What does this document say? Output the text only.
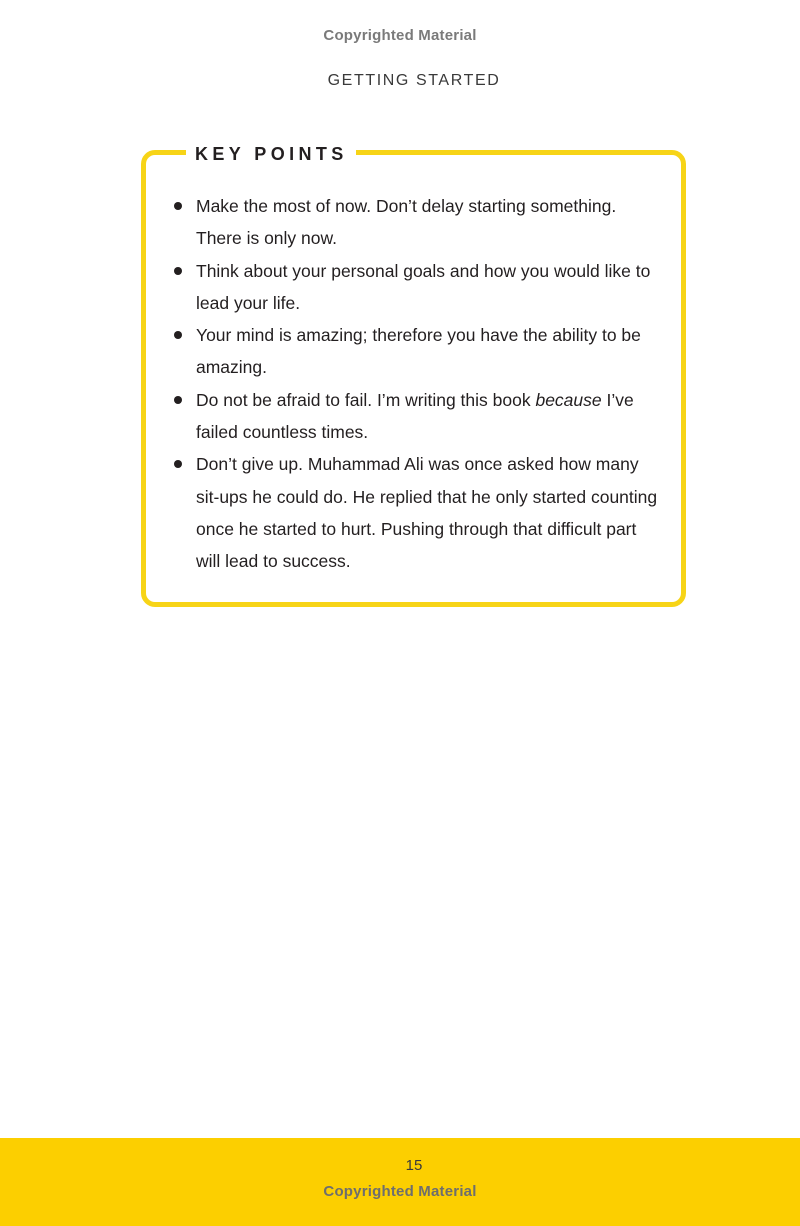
Copyrighted Material
GETTING STARTED
KEY POINTS
Make the most of now. Don’t delay starting something. There is only now.
Think about your personal goals and how you would like to lead your life.
Your mind is amazing; therefore you have the ability to be amazing.
Do not be afraid to fail. I’m writing this book because I’ve failed countless times.
Don’t give up. Muhammad Ali was once asked how many sit-ups he could do. He replied that he only started counting once he started to hurt. Pushing through that difficult part will lead to success.
15
Copyrighted Material
